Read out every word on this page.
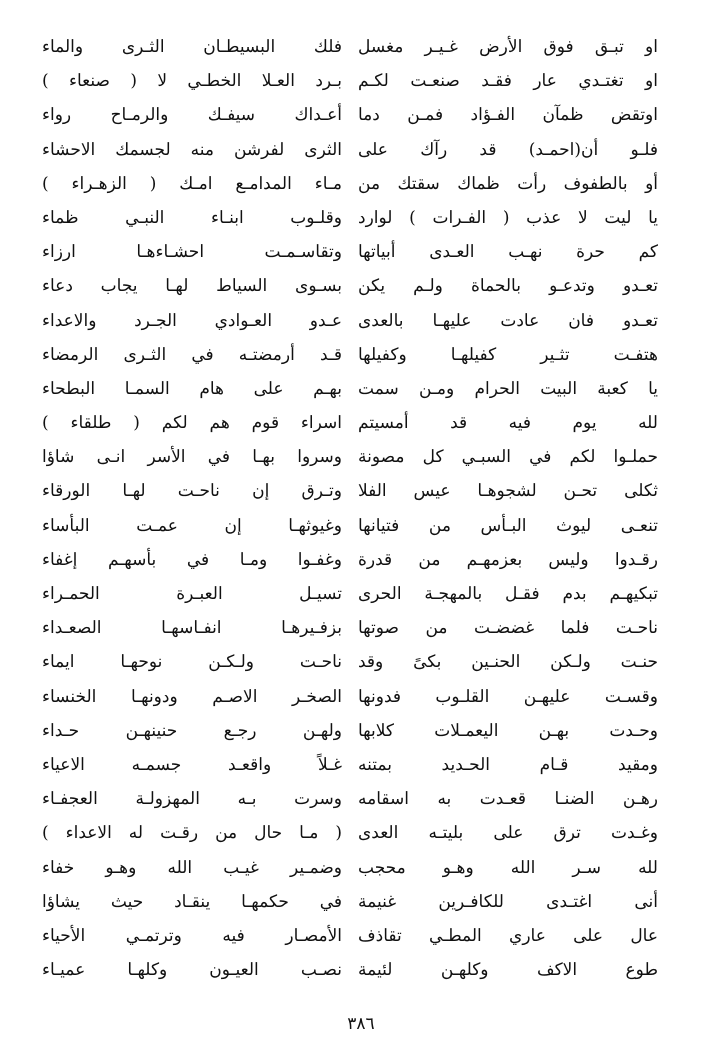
او تبـق فوق الأرض غـيـر مغسل
او تغتـدي عار فقـد صنعـت لكـم
اوتقض ظمآن الفـؤاد فمـن دما
فلـو أن(احمـد) قد رآك على
أو بالطفوف رأت ظماك سقتك من
يا ليت لا عذب ( الفـرات ) لوارد
كم حرة نهـب العـدى أبياتها
تعـدو وتدعـو بالحماة ولـم يكن
تعـدو فان عادت عليهـا بالعدى
هتفـت تثـير كفيلهـا وكفيلها
يا كعبة البيت الحرام ومـن سمت
لله يوم فيه قد أمسيتم
حملـوا لكم في السبـي كل مصونة
ثكلى تحـن لشجوهـا عيس الفلا
تنعـى ليوث البـأس من فتيانها
رقـدوا وليس بعزمهـم من قدرة
تبكيهـم بدم فقـل بالمهجـة الحرى
ناحـت فلما غضضـت من صوتها
حنـت ولـكن الحنـين بكىً وقد
وقسـت عليهـن القلـوب فدونها
وحـدت بهـن اليعمـلات كلابها
ومقيد قـام الحـديد بمتنه
رهـن الضنـا قعـدت به اسقامه
وغـدت ترق على بليتـه العدى
لله سـر الله وهـو محجب
أنى اغتـدى للكافـرين غنيمة
عال على عاري المطـي تقاذف
طوع الاكف وكلهـن لئيمة
فلك البسيطـان الثـرى والماء
بـرد العـلا الخطـي لا ( صنعاء )
أعـداك سيفـك والرمـاح رواء
الثرى لفرشن منه لجسمك الاحشاء
مـاء المدامـع امـك ( الزهـراء )
وقلـوب ابنـاء النبـي ظماء
وتقاسـمـت احشـاءهـا ارزاء
بسـوى السياط لهـا يجاب دعاء
عـدو العـوادي الجـرد والاعداء
قـد أرمضتـه في الثـرى الرمضاء
بهـم على هام السمـا البطحاء
اسراء قوم هم لكم ( طلقاء )
وسروا بهـا في الأسر انـى شاؤا
وتـرق إن ناحـت لهـا الورقاء
وغيوثهـا إن عمـت البأساء
وغفـوا ومـا في بأسهـم إغفاء
تسيـل العبـرة الحمـراء
بزفـيرهـا انفـاسهـا الصعـداء
ناحـت ولـكـن نوحهـا ايماء
الصخـر الاصـم ودونهـا الخنساء
ولهـن رجـع حنينهـن حـداء
غـلاً واقعـد جسمـه الاعياء
وسرت بـه المهزولـة العجفـاء
( مـا حال من رقـت له الاعداء )
وضمـير غيـب الله وهـو خفاء
في حكمهـا ينقـاد حيث يشاؤا
الأمصـار فيه وترتمـي الأحياء
نصـب العيـون وكلهـا عميـاء
٣٨٦
